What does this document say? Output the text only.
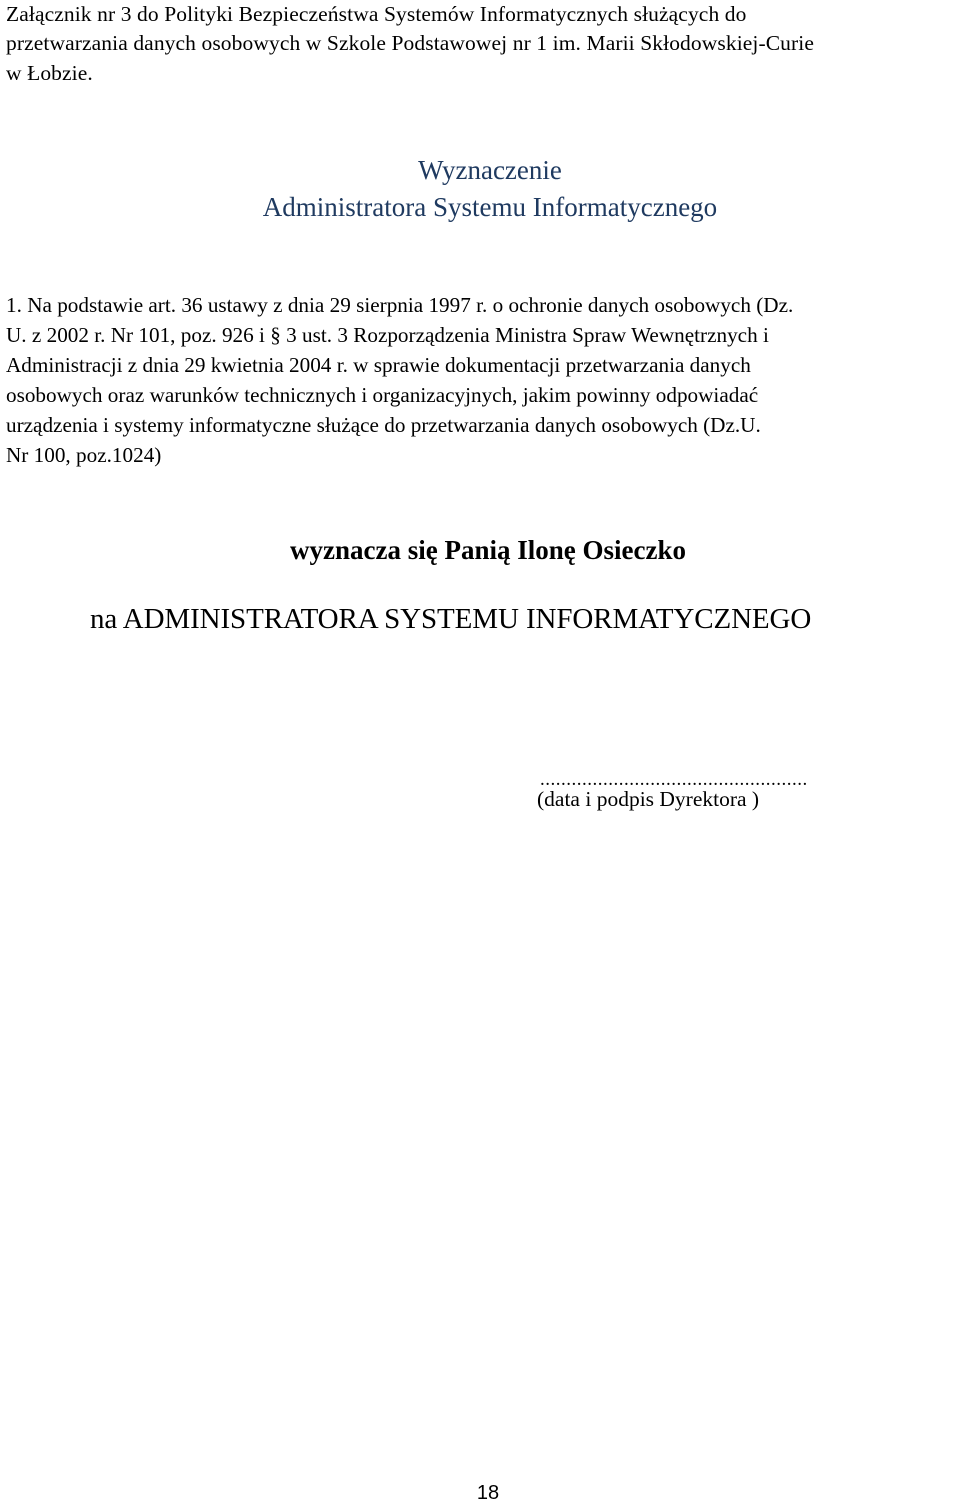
Załącznik nr 3 do Polityki Bezpieczeństwa Systemów Informatycznych służących do

przetwarzania danych osobowych w Szkole Podstawowej nr 1 im. Marii Skłodowskiej-Curie

w Łobzie.

Wyznaczenie

Administratora Systemu Informatycznego

1. Na podstawie art. 36 ustawy z dnia 29 sierpnia 1997 r. o ochronie danych osobowych (Dz.

U. z 2002 r. Nr 101, poz. 926 i § 3 ust. 3 Rozporządzenia Ministra Spraw Wewnętrznych i

Administracji z dnia 29 kwietnia 2004 r. w sprawie dokumentacji przetwarzania danych

osobowych oraz warunków technicznych i organizacyjnych, jakim powinny odpowiadać

urządzenia i systemy informatyczne służące do przetwarzania danych osobowych (Dz.U.

Nr 100, poz.1024)

wyznacza się Panią Ilonę Osieczko

na ADMINISTRATORA SYSTEMU INFORMATYCZNEGO

...................................................

(data i podpis Dyrektora )

18
